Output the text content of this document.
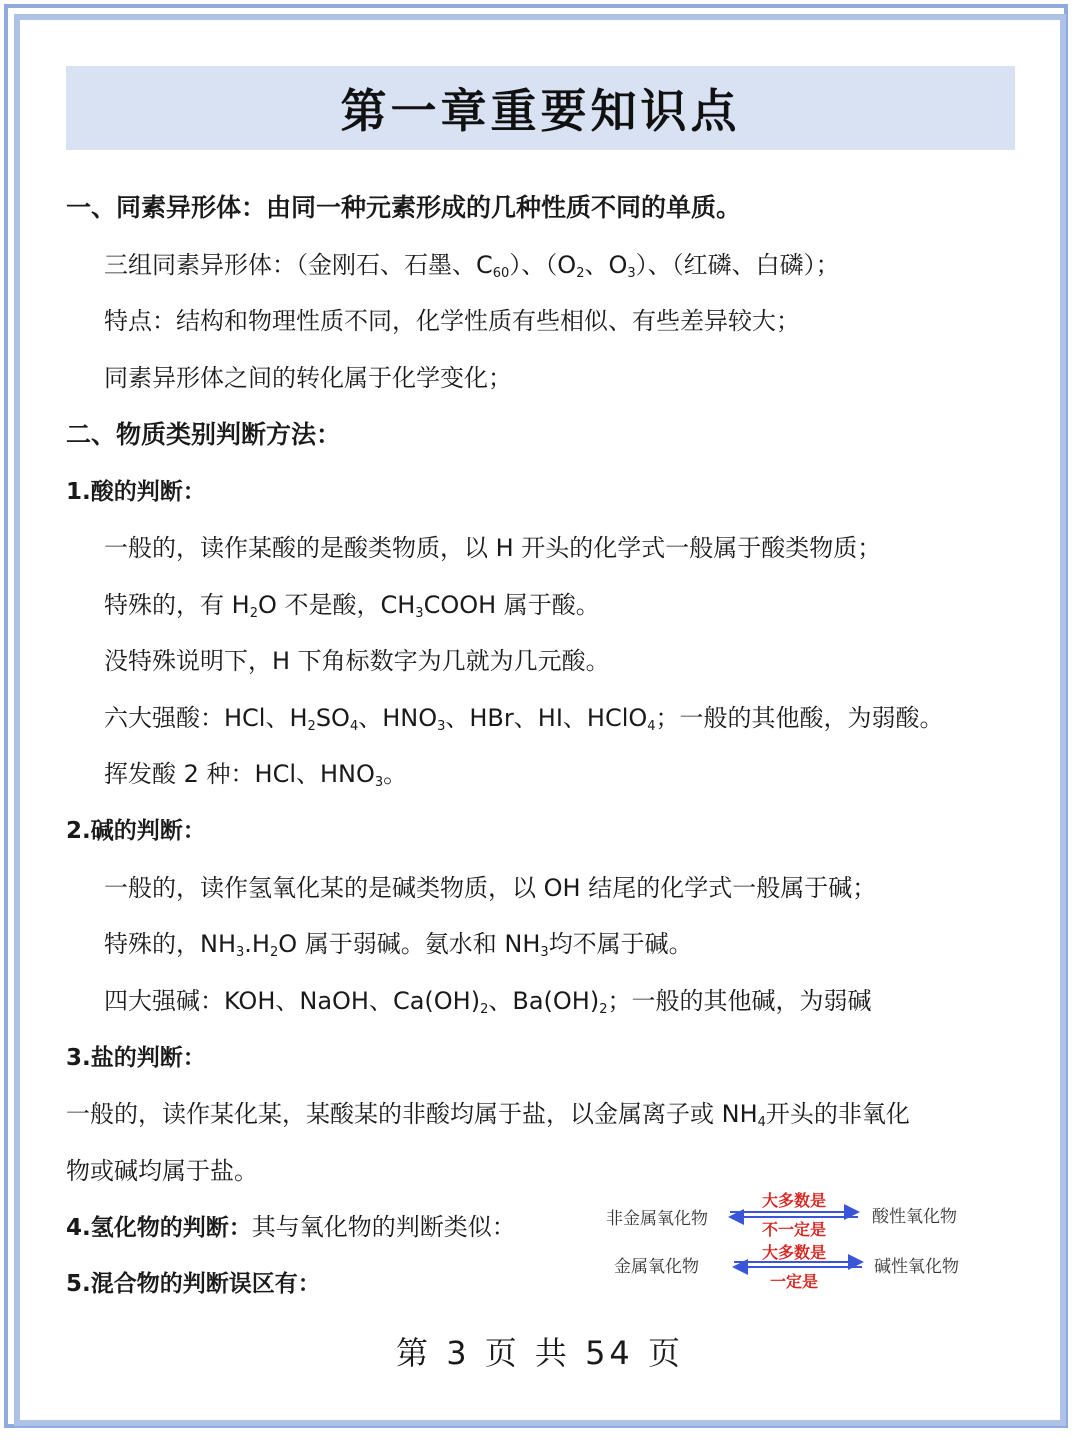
第一章重要知识点
一、同素异形体：由同一种元素形成的几种性质不同的单质。
三组同素异形体：（金刚石、石墨、$C_{60}$）、（$O_2$、$O_3$）、（红磷、白磷）；
特点：结构和物理性质不同，化学性质有些相似、有些差异较大；
同素异形体之间的转化属于化学变化；
二、物质类别判断方法：
1.酸的判断：
一般的，读作某酸的是酸类物质，以 H 开头的化学式一般属于酸类物质；
特殊的，有 $H_2O$ 不是酸，$CH_3COOH$ 属于酸。
没特殊说明下，H 下角标数字为几就为几元酸。
六大强酸：HCl、$H_2SO_4$、$HNO_3$、HBr、HI、HClO$_4$；一般的其他酸，为弱酸。
挥发酸 2 种：HCl、$HNO_3$。
2.碱的判断：
一般的，读作氢氧化某的是碱类物质，以 OH 结尾的化学式一般属于碱；
特殊的，$NH_3.H_2O$ 属于弱碱。氨水和 $NH_3$均不属于碱。
四大强碱：KOH、NaOH、$Ca(OH)_2$、$Ba(OH)_2$；一般的其他碱，为弱碱
3.盐的判断：
一般的，读作某化某，某酸某的非酸均属于盐，以金属离子或 $NH_4$开头的非氧化
物或碱均属于盐。
4.氢化物的判断：其与氧化物的判断类似：
5.混合物的判断误区有：
非金属氧化物	酸性氧化物
金属氧化物	碱性氧化物
大多数是
不一定是
大多数是
一定是
第 3 页 共 54 页
